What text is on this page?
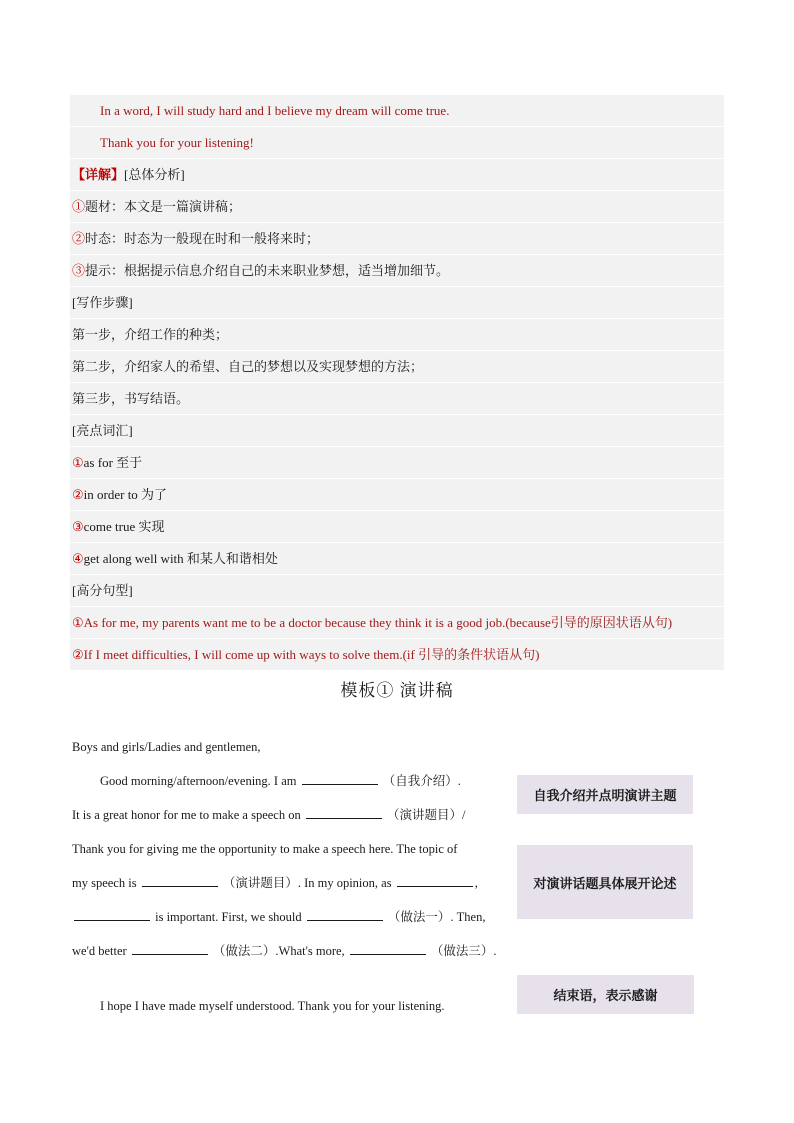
In a word, I will study hard and I believe my dream will come true.
Thank you for your listening!
【详解】[总体分析]
①题材：本文是一篇演讲稿；
②时态：时态为一般现在时和一般将来时；
③提示：根据提示信息介绍自己的未来职业梦想，适当增加细节。
[写作步骤]
第一步，介绍工作的种类；
第二步，介绍家人的希望、自己的梦想以及实现梦想的方法；
第三步，书写结语。
[亮点词汇]
①as for 至于
②in order to 为了
③come true 实现
④get along well with 和某人和谐相处
[高分句型]
①As for me, my parents want me to be a doctor because they think it is a good job.(because引导的原因状语从句)
②If I meet difficulties, I will come up with ways to solve them.(if 引导的条件状语从句)
模板① 演讲稿
Boys and girls/Ladies and gentlemen,
Good morning/afternoon/evening. I am	（自我介绍）.
It is a great honor for me to make a speech on	（演讲题目）/
Thank you for giving me the opportunity to make a speech here. The topic of
my speech is	（演讲题目）. In my opinion, as	,
is important. First, we should	（做法一）. Then,
we'd better	（做法二）.What's more,	（做法三）.
I hope I have made myself understood. Thank you for your listening.
自我介绍并点明演讲主题
对演讲话题具体展开论述
结束语，表示感谢
